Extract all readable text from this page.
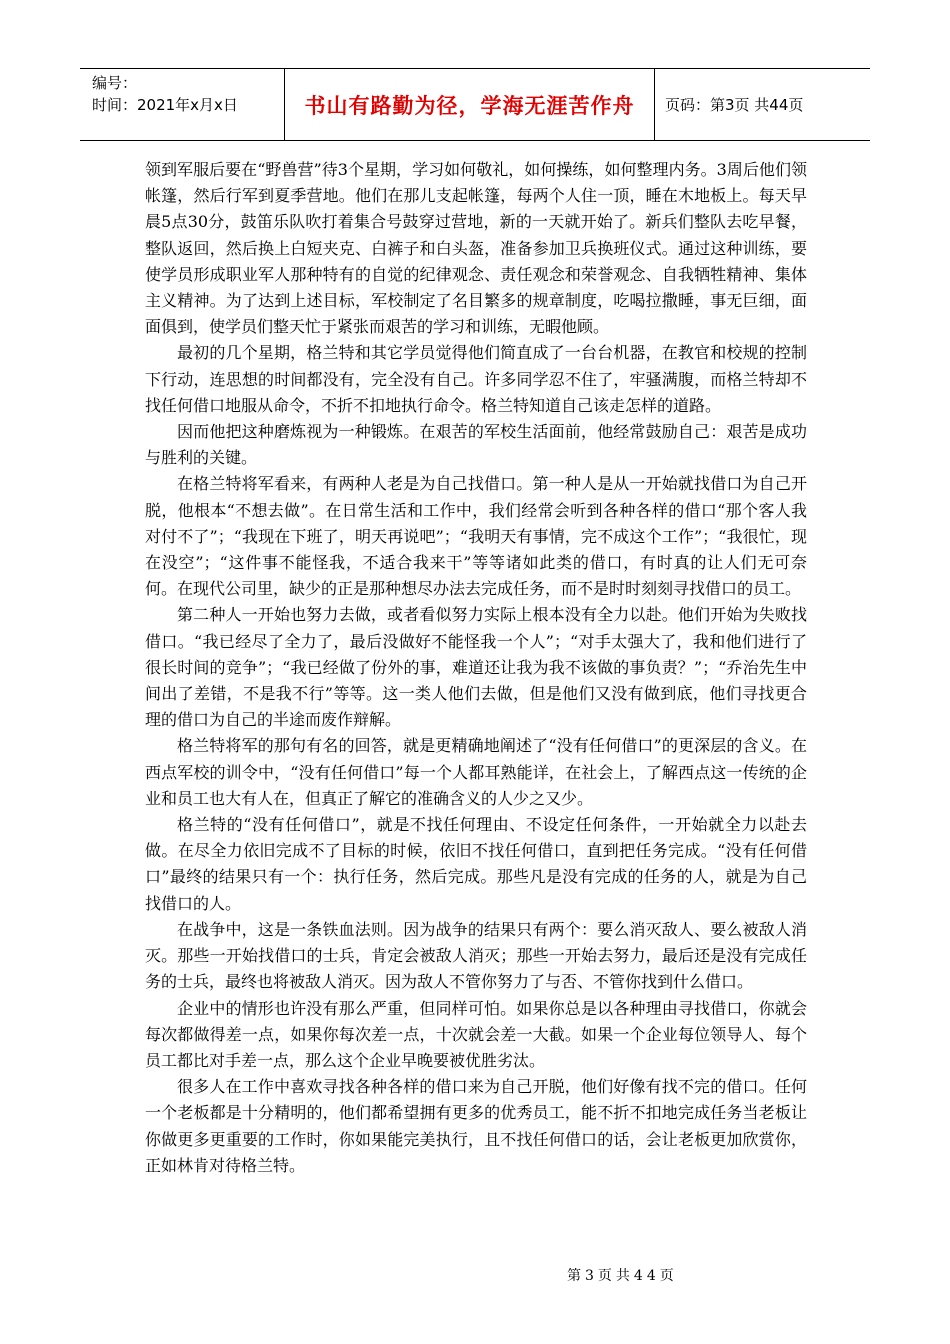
编号：
时间：2021年x月x日	书山有路勤为径，学海无涯苦作舟 页码：第3页 共44页

领到军服后要在“野兽营”待3个星期，学习如何敬礼，如何操练，如何整理内务。3周后他们领帐篷，然后行军到夏季营地。他们在那儿支起帐篷，每两个人住一顶，睡在木地板上。每天早晨5点30分，鼓笛乐队吹打着集合号鼓穿过营地，新的一天就开始了。新兵们整队去吃早餐，整队返回，然后换上白短夹克、白裤子和白头盔，准备参加卫兵换班仪式。通过这种训练，要使学员形成职业军人那种特有的自觉的纪律观念、责任观念和荣誉观念、自我牺牲精神、集体主义精神。为了达到上述目标，军校制定了名目繁多的规章制度，吃喝拉撒睡，事无巨细，面面俱到，使学员们整天忙于紧张而艰苦的学习和训练，无暇他顾。

最初的几个星期，格兰特和其它学员觉得他们简直成了一台台机器，在教官和校规的控制下行动，连思想的时间都没有，完全没有自己。许多同学忍不住了，牢骚满腹，而格兰特却不找任何借口地服从命令，不折不扣地执行命令。格兰特知道自己该走怎样的道路。

因而他把这种磨炼视为一种锻炼。在艰苦的军校生活面前，他经常鼓励自己：艰苦是成功与胜利的关键。

在格兰特将军看来，有两种人老是为自己找借口。第一种人是从一开始就找借口为自己开脱，他根本“不想去做”。在日常生活和工作中，我们经常会听到各种各样的借口“那个客人我对付不了”；“我现在下班了，明天再说吧”；“我明天有事情，完不成这个工作”；“我很忙，现在没空”；“这件事不能怪我，不适合我来干”等等诸如此类的借口，有时真的让人们无可奈何。在现代公司里，缺少的正是那种想尽办法去完成任务，而不是时时刻刻寻找借口的员工。

第二种人一开始也努力去做，或者看似努力实际上根本没有全力以赴。他们开始为失败找借口。“我已经尽了全力了，最后没做好不能怪我一个人”；“对手太强大了，我和他们进行了很长时间的竞争”；“我已经做了份外的事，难道还让我为我不该做的事负责？”；“乔治先生中间出了差错，不是我不行”等等。这一类人他们去做，但是他们又没有做到底，他们寻找更合理的借口为自己的半途而废作辩解。

格兰特将军的那句有名的回答，就是更精确地阐述了“没有任何借口”的更深层的含义。在西点军校的训令中，“没有任何借口”每一个人都耳熟能详，在社会上，了解西点这一传统的企业和员工也大有人在，但真正了解它的准确含义的人少之又少。

格兰特的“没有任何借口”，就是不找任何理由、不设定任何条件，一开始就全力以赴去做。在尽全力依旧完成不了目标的时候，依旧不找任何借口，直到把任务完成。“没有任何借口”最终的结果只有一个：执行任务，然后完成。那些凡是没有完成的任务的人，就是为自己找借口的人。

在战争中，这是一条铁血法则。因为战争的结果只有两个：要么消灭敌人、要么被敌人消灭。那些一开始找借口的士兵，肯定会被敌人消灭；那些一开始去努力，最后还是没有完成任务的士兵，最终也将被敌人消灭。因为敌人不管你努力了与否、不管你找到什么借口。

企业中的情形也许没有那么严重，但同样可怕。如果你总是以各种理由寻找借口，你就会每次都做得差一点，如果你每次差一点，十次就会差一大截。如果一个企业每位领导人、每个员工都比对手差一点，那么这个企业早晚要被优胜劣汰。

很多人在工作中喜欢寻找各种各样的借口来为自己开脱，他们好像有找不完的借口。任何一个老板都是十分精明的，他们都希望拥有更多的优秀员工，能不折不扣地完成任务当老板让你做更多更重要的工作时，你如果能完美执行，且不找任何借口的话，会让老板更加欣赏你，正如林肯对待格兰特。

第3页共44页
